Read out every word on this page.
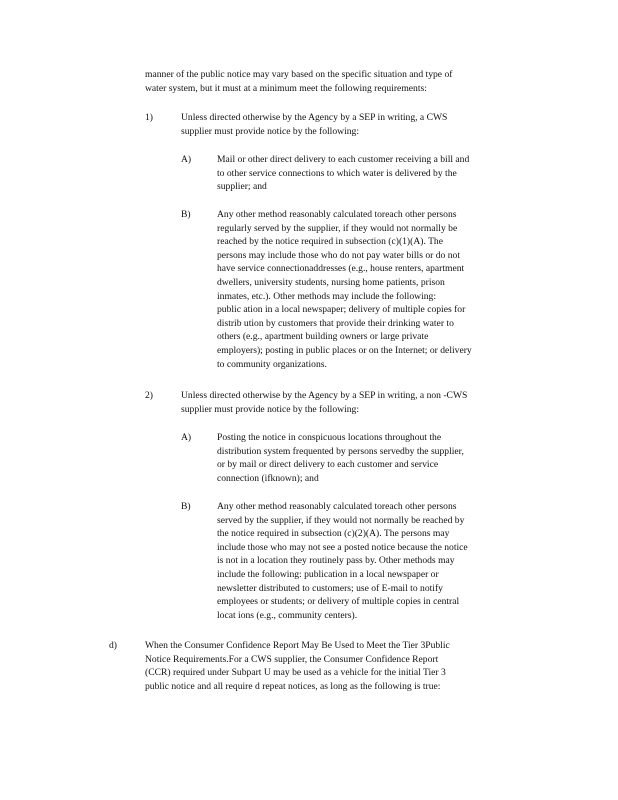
manner of the public notice may vary based on the specific situation and type of
water system, but it must at a minimum meet the following requirements:
1)	Unless directed otherwise by the Agency by a SEP in writing, a CWS
supplier must provide notice by the following:
A)	Mail or other direct delivery to each customer receiving a bill and
to other service connections to which water is delivered by the
supplier; and
B)	Any other method reasonably calculated toreach other persons
regularly served by the supplier, if they would not normally be
reached by the notice required in subsection (c)(1)(A). The
persons may include those who do not pay water bills or do not
have service connectionaddresses (e.g., house renters, apartment
dwellers, university students, nursing home patients, prison
inmates, etc.). Other methods may include the following:
public ation in a local newspaper; delivery of multiple copies for
distrib ution by customers that provide their drinking water to
others (e.g., apartment building owners or large private
employers); posting in public places or on the Internet; or delivery
to community organizations.
2)	Unless directed otherwise by the Agency by a SEP in writing, a non -CWS
supplier must provide notice by the following:
A)	Posting the notice in conspicuous locations throughout the
distribution system frequented by persons servedby the supplier,
or by mail or direct delivery to each customer and service
connection (ifknown); and
B)	Any other method reasonably calculated toreach other persons
served by the supplier, if they would not normally be reached by
the notice required in subsection (c)(2)(A). The persons may
include those who may not see a posted notice because the notice
is not in a location they routinely pass by. Other methods may
include the following: publication in a local newspaper or
newsletter distributed to customers; use of E-mail to notify
employees or students; or delivery of multiple copies in central
locat ions (e.g., community centers).
d)	When the Consumer Confidence Report May Be Used to Meet the Tier 3Public
Notice Requirements.For a CWS supplier, the Consumer Confidence Report
(CCR) required under Subpart U may be used as a vehicle for the initial Tier 3
public notice and all require d repeat notices, as long as the following is true:
